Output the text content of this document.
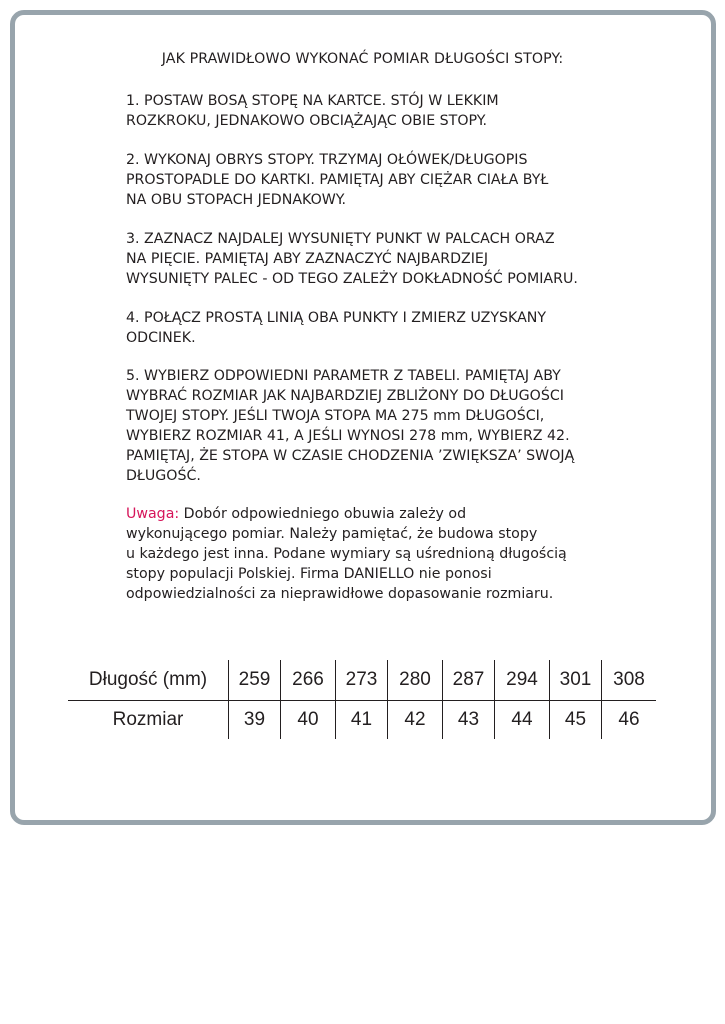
JAK PRAWIDŁOWO WYKONAĆ POMIAR DŁUGOŚCI STOPY:

1. POSTAW BOSĄ STOPĘ NA KARTCE. STÓJ W LEKKIM
ROZKROKU, JEDNAKOWO OBCIĄŻAJĄC OBIE STOPY.

2. WYKONAJ OBRYS STOPY. TRZYMAJ OŁÓWEK/DŁUGOPIS
PROSTOPADLE DO KARTKI. PAMIĘTAJ ABY CIĘŻAR CIAŁA BYŁ
NA OBU STOPACH JEDNAKOWY.

3. ZAZNACZ NAJDALEJ WYSUNIĘTY PUNKT W PALCACH ORAZ
NA PIĘCIE. PAMIĘTAJ ABY ZAZNACZYĆ NAJBARDZIEJ
WYSUNIĘTY PALEC - OD TEGO ZALEŻY DOKŁADNOŚĆ POMIARU.

4. POŁĄCZ PROSTĄ LINIĄ OBA PUNKTY I ZMIERZ UZYSKANY
ODCINEK.

5. WYBIERZ ODPOWIEDNI PARAMETR Z TABELI. PAMIĘTAJ ABY
WYBRAĆ ROZMIAR JAK NAJBARDZIEJ ZBLIŻONY DO DŁUGOŚCI
TWOJEJ STOPY. JEŚLI TWOJA STOPA MA 275 mm DŁUGOŚCI,
WYBIERZ ROZMIAR 41, A JEŚLI WYNOSI 278 mm, WYBIERZ 42.
PAMIĘTAJ, ŻE STOPA W CZASIE CHODZENIA ’ZWIĘKSZA’ SWOJĄ
DŁUGOŚĆ.

Uwaga: Dobór odpowiedniego obuwia zależy od
wykonującego pomiar. Należy pamiętać, że budowa stopy
u każdego jest inna. Podane wymiary są uśrednioną długością
stopy populacji Polskiej. Firma DANIELLO nie ponosi
odpowiedzialności za nieprawidłowe dopasowanie rozmiaru.

Długość (mm)	259	266	273	280	287	294	301	308
Rozmiar	39	40	41	42	43	44	45	46
